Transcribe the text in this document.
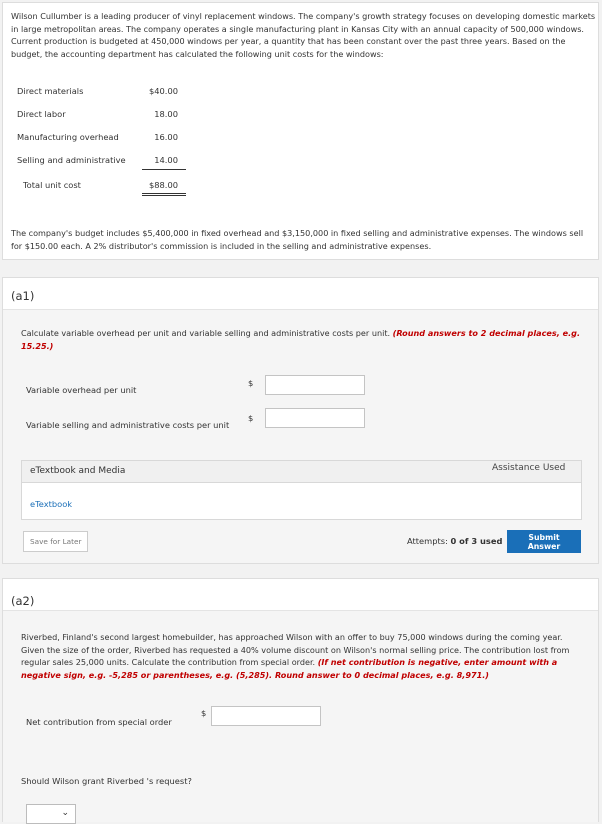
Wilson Cullumber is a leading producer of vinyl replacement windows. The company's growth strategy focuses on developing domestic markets in large metropolitan areas. The company operates a single manufacturing plant in Kansas City with an annual capacity of 500,000 windows. Current production is budgeted at 450,000 windows per year, a quantity that has been constant over the past three years. Based on the budget, the accounting department has calculated the following unit costs for the windows:

Direct materials	$40.00
Direct labor	18.00
Manufacturing overhead	16.00
Selling and administrative	14.00
Total unit cost	$88.00

The company's budget includes $5,400,000 in fixed overhead and $3,150,000 in fixed selling and administrative expenses. The windows sell for $150.00 each. A 2% distributor's commission is included in the selling and administrative expenses.

(a1)

Calculate variable overhead per unit and variable selling and administrative costs per unit. (Round answers to 2 decimal places, e.g. 15.25.)

Variable overhead per unit
$
Variable selling and administrative costs per unit
$
eTextbook and Media
eTextbook
Assistance Used
Save for Later	Attempts: 0 of 3 used	Submit Answer
(a2)

Riverbed, Finland's second largest homebuilder, has approached Wilson with an offer to buy 75,000 windows during the coming year. Given the size of the order, Riverbed has requested a 40% volume discount on Wilson's normal selling price. The contribution lost from regular sales 25,000 units. Calculate the contribution from special order. (If net contribution is negative, enter amount with a negative sign, e.g. -5,285 or parentheses, e.g. (5,285). Round answer to 0 decimal places, e.g. 8,971.)

Net contribution from special order
$
Should Wilson grant Riverbed 's request?
⌄
